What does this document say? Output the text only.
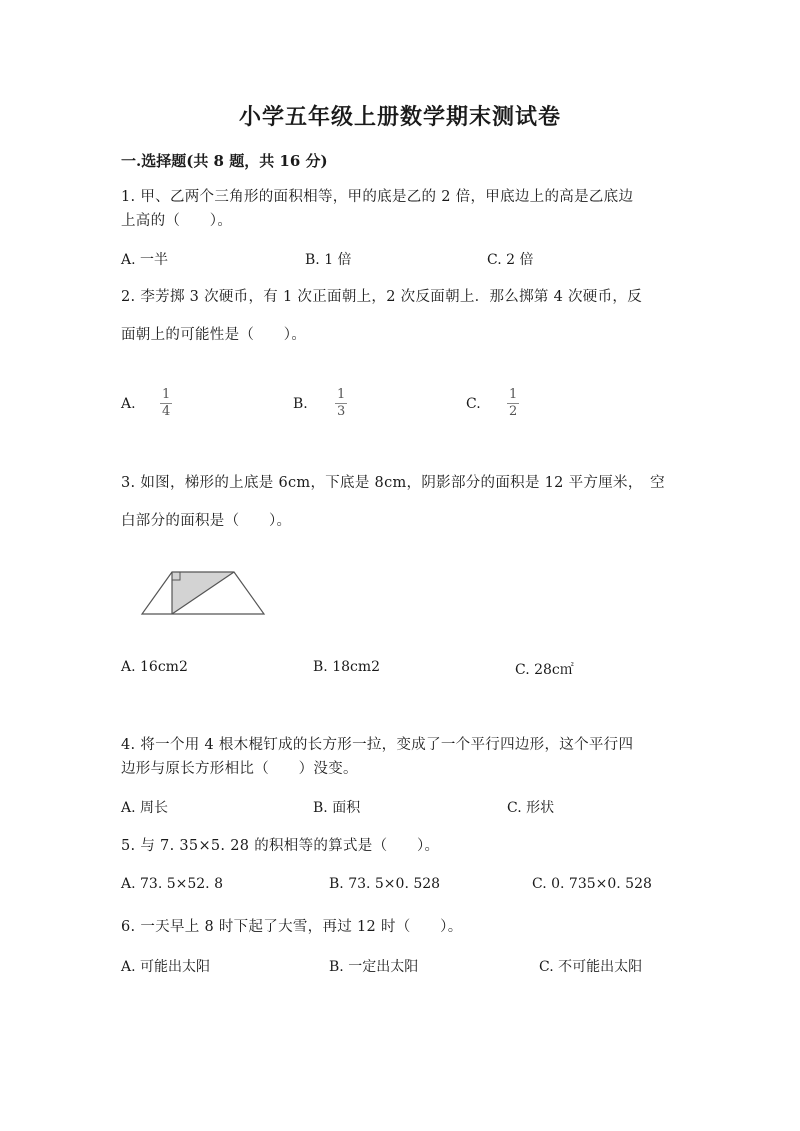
小学五年级上册数学期末测试卷
一.选择题(共 8 题，共 16 分)
1. 甲、乙两个三角形的面积相等，甲的底是乙的 2 倍，甲底边上的高是乙底边
上高的（　　）。
A. 一半	B. 1 倍	C. 2 倍
2. 李芳掷 3 次硬币，有 1 次正面朝上，2 次反面朝上．那么掷第 4 次硬币，反
面朝上的可能性是（　　）。
A. $\frac{1}{4}$	B. $\frac{1}{3}$	C. $\frac{1}{2}$
3. 如图，梯形的上底是 6cm，下底是 8cm，阴影部分的面积是 12 平方厘米，　空
白部分的面积是（　　）。
A. 16cm2	B. 18cm2	C. 28c㎡
4. 将一个用 4 根木棍钉成的长方形一拉，变成了一个平行四边形，这个平行四
边形与原长方形相比（　　）没变。
A. 周长	B. 面积	C. 形状
5. 与 7. 35×5. 28 的积相等的算式是（　　）。
A. 73. 5×52. 8	B. 73. 5×0. 528	C. 0. 735×0. 528
6. 一天早上 8 时下起了大雪，再过 12 时（　　）。
A. 可能出太阳	B. 一定出太阳	C. 不可能出太阳
